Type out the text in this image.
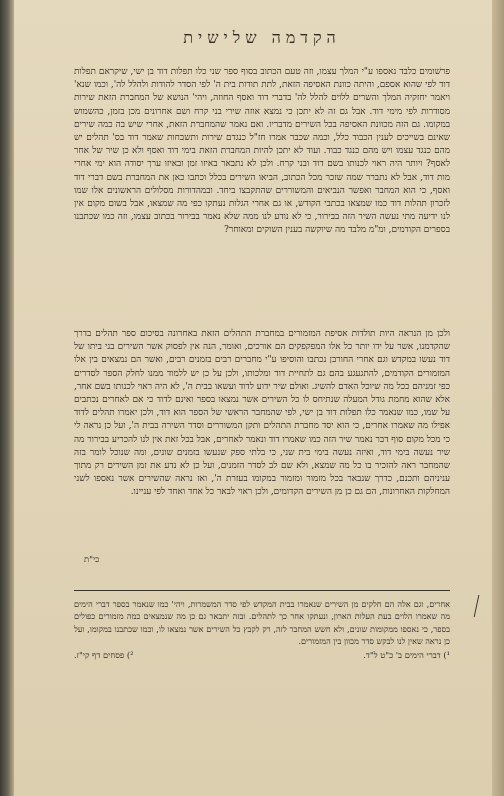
הקדמה שלישית

פרשׁומים כלבד נאספו ע"י המלך עצמו, וזה טעם הכתוב בסוף ספר שני כלו תפלות דוד בן ישי, שיקראם תפלות דוד לפי שהוא אספם, והיתה כוונת האסיפה הזאת, לתת תודות בית ה' לפי הסדר להודות ולהלל לה', וכמו שנא' ויאמר יחזקיה המלך והשרים ללוים להלל לה' בדברי דוד ואסף החוזה, ויהי' הנושא של המחברת הזאת שירות מסודרות לפי מימי דוד. אבל גם זה לא יתכן כי נמצא אוזה שירי בני קרח ושם אחרונים מכן בזמן, כהשמוש במקומו. גם הזה מכוונת האסיפה בכל השירים מדבריו. ואם נאמר שהמחברת הזאת, אחרי שיש בה כמה שירים שאינם בשייכים לענין הכבוד כלל, וכמה שכבר אמרו חז"ל כנגדם שירות ותשבחות שאמר דוד בס' תהלים יש מהם כנגד עצמו ויש מהם כנגד כבוד. ועוד לא יתכן להיות המחברת הזאת בימי דוד ואסף ולא כן שיר של אחר לאסף? ויותר היה ראוי לכנותו בשם דוד ובני קרח. ולכן לא נתבאר באיזו זמן ובאיזו ערך יסודה הוא ימי אחרי מות דוד, אבל לא נתברר שמה שזכר מכל הכתוב, הביאו השירים בכלל וכתבו כאן את המחברת בשם דברי דוד ואסף, כי הוא המחבר ואפשר הנביאים והמשוררים שהתקבצו ביחד. ובמהדורות מסלולים הראשונים אלו שמו לזכרון תהלות דוד כמו שמצאו בכתבי הקודש, או גם אחרי הגלות נעתקו כפי מה שמצאו, אבל בשום מקום אין לנו ידיעה מתי נעשה השיר הזה בבירור, כי לא נודע לנו ממה שלא נאמר בבירור בכתוב עצמו, וזה כמו שכתבנו בספרים הקודמים, ומ"מ מלבד מה שיוקשה בענין השוקים ומאוחר?

ולכן מן הנראה היות תולדות אסיפת המזמורים במחברת התהלים הזאת באחרונה בסיכום ספר תהלים בדרך שהקדמנו, אשר על ידו יותר כל אלו המפקפקים הם אורכים, ואומר, הנה אין לפסוק אשר השירים בני ביתו של דוד נעשו במקדש וגם אחרי החורבן נכתבו והוסיפו ע"י מחברים רבים בזמנים רבים, ואשר הם נמצאים בין אלו המזמורים הקודמים, להתגעגע בהם גם לתחיית דוד ומלכותו, ולכן על כן יש ללמוד ממנו לחלק הספר לסדרים כפי זמניהם ככל מה שיוכל האדם להשיג. ואולם שיר ידוע לדוד ועשאו בבית ה', לא היה ראוי לכנותו בשם אחר, אלא שהוא מחמת גודל המעלה שנתיחס לו כל השירים אשר נמצאו בספר ואינם לדוד כי אם לאחרים נכתבים על שמו, כמו שנאמר כלו תפלות דוד בן ישי, לפי שהמחבר הראשי של הספר הוא דוד, ולכן יאמרו תהלים לדוד אפילו מה שאמרו אחרים, כי הוא יסד מחברת התהלים ותקן המשוררים וסדר השירה בבית ה', ועל כן נראה לי כי מכל מקום סוף דבר נאמר שיר הזה כמו שאמרו דוד ונאמר לאחרים, אבל בכל זאת אין לנו להכריע בבירור מה שיר נעשה בימי דוד, ואיזה נעשה בימי בית שני, כי בלתי ספק שנעשו בזמנים שונים, ומה שנוכל לומר בזה שהמחבר ראה להזכיר בו כל מה שמצא, ולא שם לב לסדר הזמנים, ועל כן לא נדע את זמן השירים רק מתוך עניניהם ותכנם, כדרך שנבאר בכל מזמור ומזמור במקומו בעזרת ה', ואז נראה שהשירים אשר נאספו לשני המחלקות האחרונות, הם גם כן מן השירים הקדומים, ולכן ראוי לבאר כל אחד ואחד לפי עניינו.

כי"ת
אחרים, וגם אלה הם חלקים מן השירים שנאמרו בבית המקדש לפי סדר המשמרות, ויהי' כמו שנאמר בספר דברי הימים מה שאמרו הלוים בעת העלות הארון, ונעתקו אחר כך לתהלים. ובזה יתבאר גם כן מה שנמצאים כמה מזמורים כפולים בספר, כי נאספו ממקומות שונים, ולא חשש המחבר לזה, רק לקבץ כל השירים אשר נמצאו לו, וכמו שכתבנו במקומו, ועל כן נראה שאין לנו לבקש סדר מכוון בין המזמורים.
¹) דברי הימים ב' כ"ט ל"ד.
²) פסחים דף קי"ז.
